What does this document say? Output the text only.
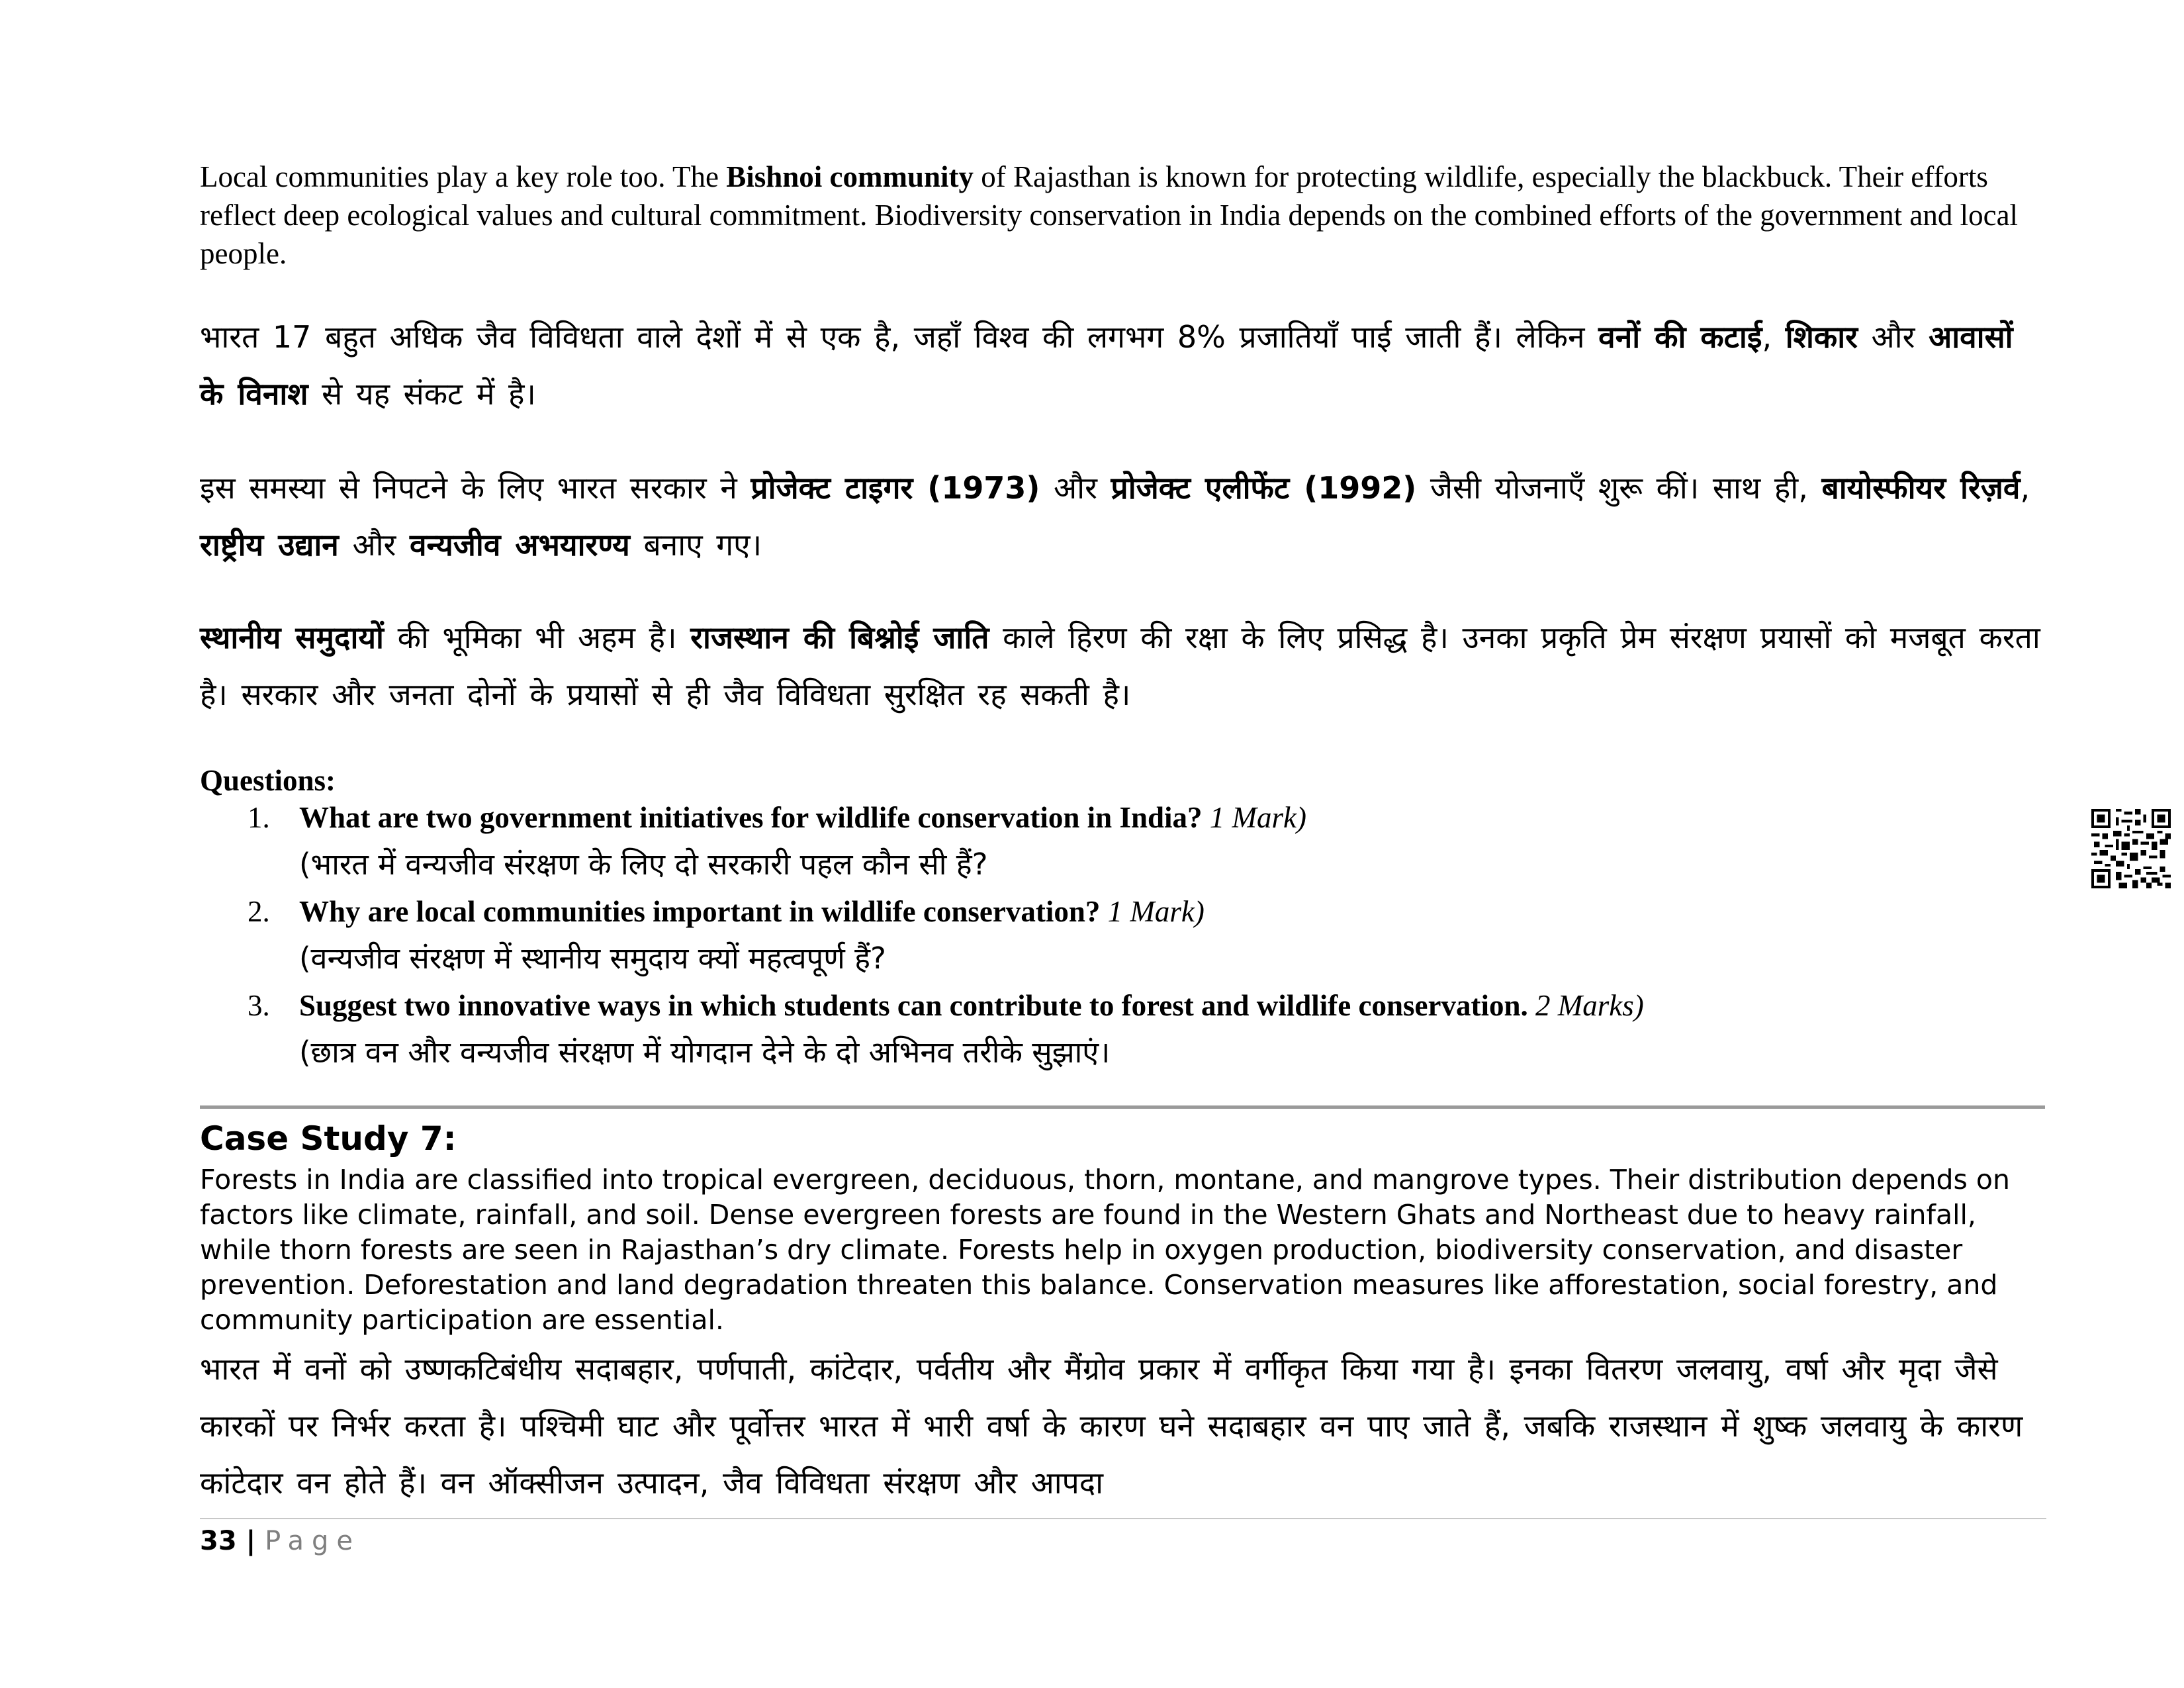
Local communities play a key role too. The Bishnoi community of Rajasthan is known for protecting wildlife, especially the blackbuck. Their efforts reflect deep ecological values and cultural commitment. Biodiversity conservation in India depends on the combined efforts of the government and local people.
भारत 17 बहुत अधिक जैव विविधता वाले देशों में से एक है, जहाँ विश्व की लगभग 8% प्रजातियाँ पाई जाती हैं। लेकिन वनों की कटाई, शिकार और आवासों के विनाश से यह संकट में है।
इस समस्या से निपटने के लिए भारत सरकार ने प्रोजेक्ट टाइगर (1973) और प्रोजेक्ट एलीफेंट (1992) जैसी योजनाएँ शुरू कीं। साथ ही, बायोस्फीयर रिज़र्व, राष्ट्रीय उद्यान और वन्यजीव अभयारण्य बनाए गए।
स्थानीय समुदायों की भूमिका भी अहम है। राजस्थान की बिश्नोई जाति काले हिरण की रक्षा के लिए प्रसिद्ध है। उनका प्रकृति प्रेम संरक्षण प्रयासों को मजबूत करता है। सरकार और जनता दोनों के प्रयासों से ही जैव विविधता सुरक्षित रह सकती है।
Questions:
1. What are two government initiatives for wildlife conservation in India? 1 Mark)
(भारत में वन्यजीव संरक्षण के लिए दो सरकारी पहल कौन सी हैं?
2. Why are local communities important in wildlife conservation? 1 Mark)
(वन्यजीव संरक्षण में स्थानीय समुदाय क्यों महत्वपूर्ण हैं?
3. Suggest two innovative ways in which students can contribute to forest and wildlife conservation. 2 Marks)
(छात्र वन और वन्यजीव संरक्षण में योगदान देने के दो अभिनव तरीके सुझाएं।
Case Study 7:
Forests in India are classified into tropical evergreen, deciduous, thorn, montane, and mangrove types. Their distribution depends on factors like climate, rainfall, and soil. Dense evergreen forests are found in the Western Ghats and Northeast due to heavy rainfall, while thorn forests are seen in Rajasthan’s dry climate. Forests help in oxygen production, biodiversity conservation, and disaster prevention. Deforestation and land degradation threaten this balance. Conservation measures like afforestation, social forestry, and community participation are essential.
भारत में वनों को उष्णकटिबंधीय सदाबहार, पर्णपाती, कांटेदार, पर्वतीय और मैंग्रोव प्रकार में वर्गीकृत किया गया है। इनका वितरण जलवायु, वर्षा और मृदा जैसे कारकों पर निर्भर करता है। पश्चिमी घाट और पूर्वोत्तर भारत में भारी वर्षा के कारण घने सदाबहार वन पाए जाते हैं, जबकि राजस्थान में शुष्क जलवायु के कारण कांटेदार वन होते हैं। वन ऑक्सीजन उत्पादन, जैव विविधता संरक्षण और आपदा
33 | Page
